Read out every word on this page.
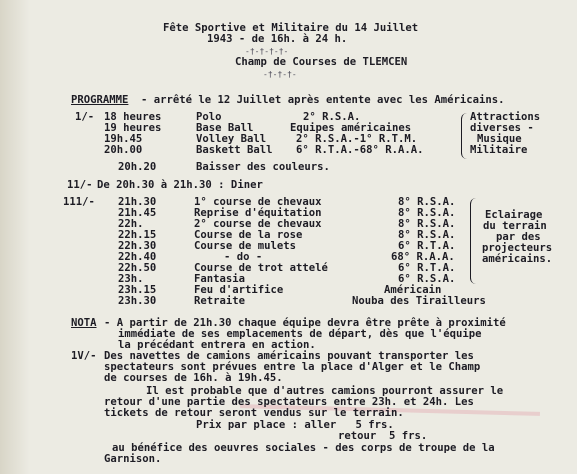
Fête Sportive et Militaire du 14 Juillet
1943 - de 16h. à 24 h.
-†-†-†-†-
Champ de Courses de TLEMCEN
-†-†-†-
PROGRAMME - arrêté le 12 Juillet après entente avec les Américains.
1/- 18 heures	Polo	2° R.S.A.
19 heures	Base Ball	Equipes américaines
19h.45	Volley Ball	2° R.S.A.-1° R.T.M.
20h.00	Baskett Ball 6° R.T.A.-68° R.A.A.
20h.20	Baisser des couleurs.
Attractions
diverses -
Musique
Militaire
11/- De 20h.30 à 21h.30 : Diner
111/- 21h.30	1° course de chevaux	8° R.S.A.
21h.45	Reprise d'équitation	8° R.S.A.
22h.	2° course de chevaux	8° R.S.A.
22h.15	Course de la rose	8° R.S.A.
22h.30	Course de mulets	6° R.T.A.
22h.40	- do -	68° R.A.A.
22h.50	Course de trot attelé	6° R.T.A.
23h.	Fantasia	6° R.S.A.
23h.15	Feu d'artifice	Américain
23h.30	Retraite	Nouba des Tirailleurs
Eclairage
du terrain
par des
projecteurs
américains.
NOTA - A partir de 21h.30 chaque équipe devra être prête à proximité
immédiate de ses emplacements de départ, dès que l'équipe
la précédant entrera en action.
1V/- Des navettes de camions américains pouvant transporter les
spectateurs sont prévues entre la place d'Alger et le Champ
de courses de 16h. à 19h.45.
Il est probable que d'autres camions pourront assurer le
retour d'une partie des spectateurs entre 23h. et 24h. Les
tickets de retour seront vendus sur le terrain.
Prix par place : aller   5 frs.
retour  5 frs.
au bénéfice des oeuvres sociales - des corps de troupe de la
Garnison.
